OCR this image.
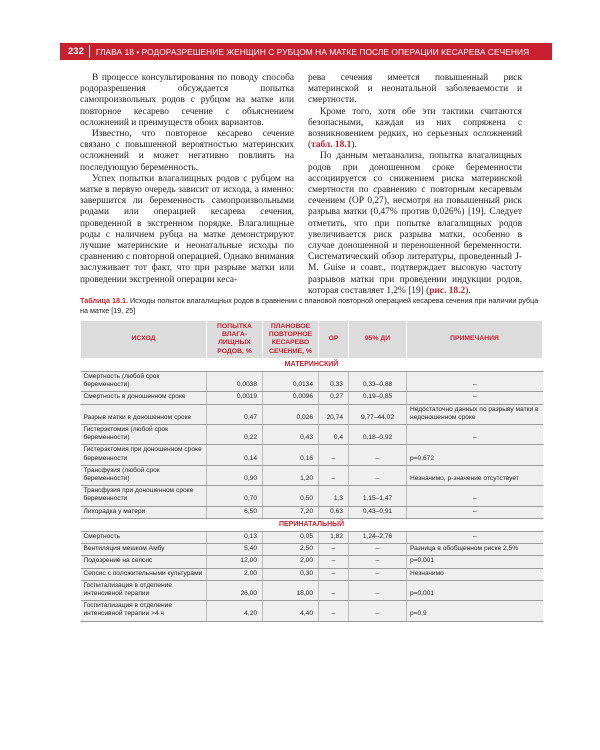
232	ГЛАВА 18 • РОДОРАЗРЕШЕНИЕ ЖЕНЩИН С РУБЦОМ НА МАТКЕ ПОСЛЕ ОПЕРАЦИИ КЕСАРЕВА СЕЧЕНИЯ

В процессе консультирования по поводу способа родоразрешения обсуждается попытка самопроизвольных родов с рубцом на матке или повторное кесарево сечение с объяснением осложнений и преимуществ обоих вариантов.

Известно, что повторное кесарево сечение связано с повышенной вероятностью материнских осложнений и может негативно повлиять на последующую беременность.

Успех попытки влагалищных родов с рубцом на матке в первую очередь зависит от исхода, а именно: завершится ли беременность самопроизвольными родами или операцией кесарева сечения, проведенной в экстренном порядке. Влагалищные роды с наличием рубца на матке демонстрируют лучшие материнские и неонатальные исходы по сравнению с повторной операцией. Однако внимания заслуживает тот факт, что при разрыве матки или проведении экстренной операции кеса-

рева сечения имеется повышенный риск материнской и неонатальной заболеваемости и смертности.

Кроме того, хотя обе эти тактики считаются безопасными, каждая из них сопряжена с возникновением редких, но серьезных осложнений (табл. 18.1).

По данным метаанализа, попытка влагалищных родов при доношенном сроке беременности ассоциируется со снижением риска материнской смертности по сравнению с повторным кесаревым сечением (OP 0,27), несмотря на повышенный риск разрыва матки (0,47% против 0,026%) [19]. Следует отметить, что при попытке влагалищных родов увеличивается риск разрыва матки, особенно в случае доношенной и переношенной беременности. Систематический обзор литературы, проведенный J-M. Guise и соавт., подтверждает высокую частоту разрывов матки при проведении индукции родов, которая составляет 1,2% [19] (рис. 18.2).

Таблица 18.1. Исходы попыток влагалищных родов в сравнении с плановой повторной операцией кесарева сечения при наличии рубца на матке [19, 25]
ИСХОД	ПОПЫТКА ВЛАГА-ЛИЩНЫХ РОДОВ, %	ПЛАНОВОЕ ПОВТОРНОЕ КЕСАРЕВО СЕЧЕНИЕ, %	ОР	95% ДИ	ПРИМЕЧАНИЯ
МАТЕРИНСКИЙ					
Смертность (любой срок беременности)	0,0038	0,0134	0,33	0,33–0,88	–
Смертность в доношенном сроке	0,0019	0,0096	0,27	0,19–0,85	–
Разрыв матки в доношенном сроке	0,47	0,026	20,74	9,77–44,02	Недостаточно данных по разрыву матки в недоношенном сроке
Гистерэктомия (любой срок беременности)	0,22	0,43	0,4	0,18–0,92	–
Гистерэктомия при доношенном сроке беременности	0,14	0,16	–	–	р=0,672
Трансфузия (любой срок беременности)	0,90	1,20	–	–	Незначимо, р-значение отсутствует
Трансфузия при доношенном сроке беременности	0,70	0,50	1,3	1,15–1,47	–
Лихорадка у матери	6,50	7,20	0,63	0,43–0,91	–
ПЕРИНАТАЛЬНЫЙ					
Смертность	0,13	0,05	1,82	1,24–2,76	–
Вентиляция мешком Амбу	5,40	2,50	–	–	Разница в обобщенном риске 2,5%
Подозрение на сепсис	12,00	2,00	–	–	р=0,001
Сепсис с положительными культурами	2,00	0,30	–	–	Незначимо
Госпитализация в отделение интенсивной терапии	26,00	18,00	–	–	р=0,001
Госпитализация в отделение интенсивной терапии >4 ч	4,20	4,40	–	–	р=0,9
